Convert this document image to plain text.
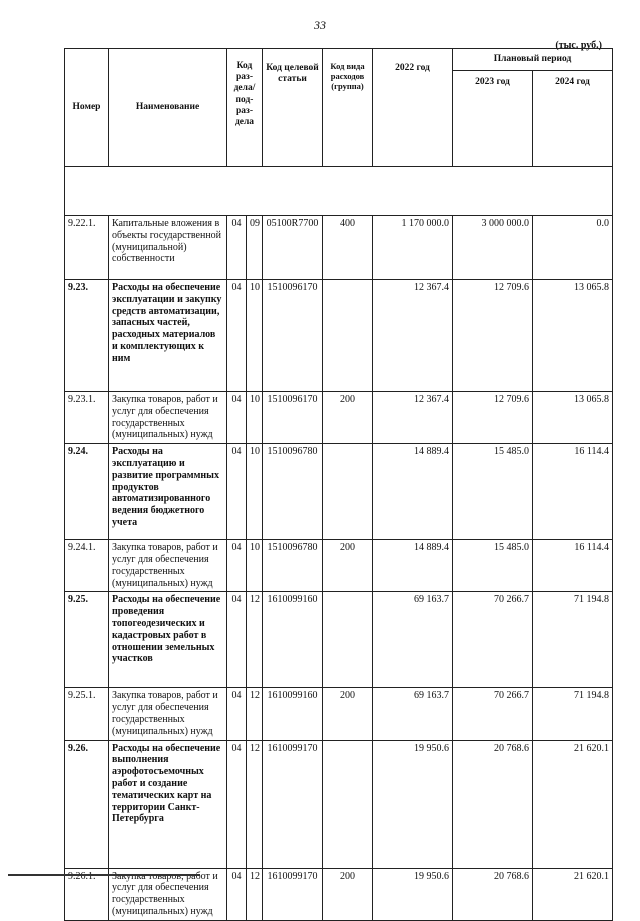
33
(тыс. руб.)
Номер	Наименование	Код раз-дела/ под-раз-дела		Код целевой статьи	Код вида расходов (группа)	2022 год	Плановый период	
							2023 год	2024 год

9.22.1.	Капитальные вложения в объекты государственной (муниципальной) собственности	04	09	05100R7700	400	1 170 000.0	3 000 000.0	0.0
9.23.	Расходы на обеспечение эксплуатации и закупку средств автоматизации, запасных частей, расходных материалов и комплектующих к ним	04	10	1510096170		12 367.4	12 709.6	13 065.8
9.23.1.	Закупка товаров, работ и услуг для обеспечения государственных (муниципальных) нужд	04	10	1510096170	200	12 367.4	12 709.6	13 065.8
9.24.	Расходы на эксплуатацию и развитие программных продуктов автоматизированного ведения бюджетного учета	04	10	1510096780		14 889.4	15 485.0	16 114.4
9.24.1.	Закупка товаров, работ и услуг для обеспечения государственных (муниципальных) нужд	04	10	1510096780	200	14 889.4	15 485.0	16 114.4
9.25.	Расходы на обеспечение проведения топогеодезических и кадастровых работ в отношении земельных участков	04	12	1610099160		69 163.7	70 266.7	71 194.8
9.25.1.	Закупка товаров, работ и услуг для обеспечения государственных (муниципальных) нужд	04	12	1610099160	200	69 163.7	70 266.7	71 194.8
9.26.	Расходы на обеспечение выполнения аэрофотосъемочных работ и создание тематических карт на территории Санкт-Петербурга	04	12	1610099170		19 950.6	20 768.6	21 620.1
9.26.1.	Закупка товаров, работ и услуг для обеспечения государственных (муниципальных) нужд	04	12	1610099170	200	19 950.6	20 768.6	21 620.1
